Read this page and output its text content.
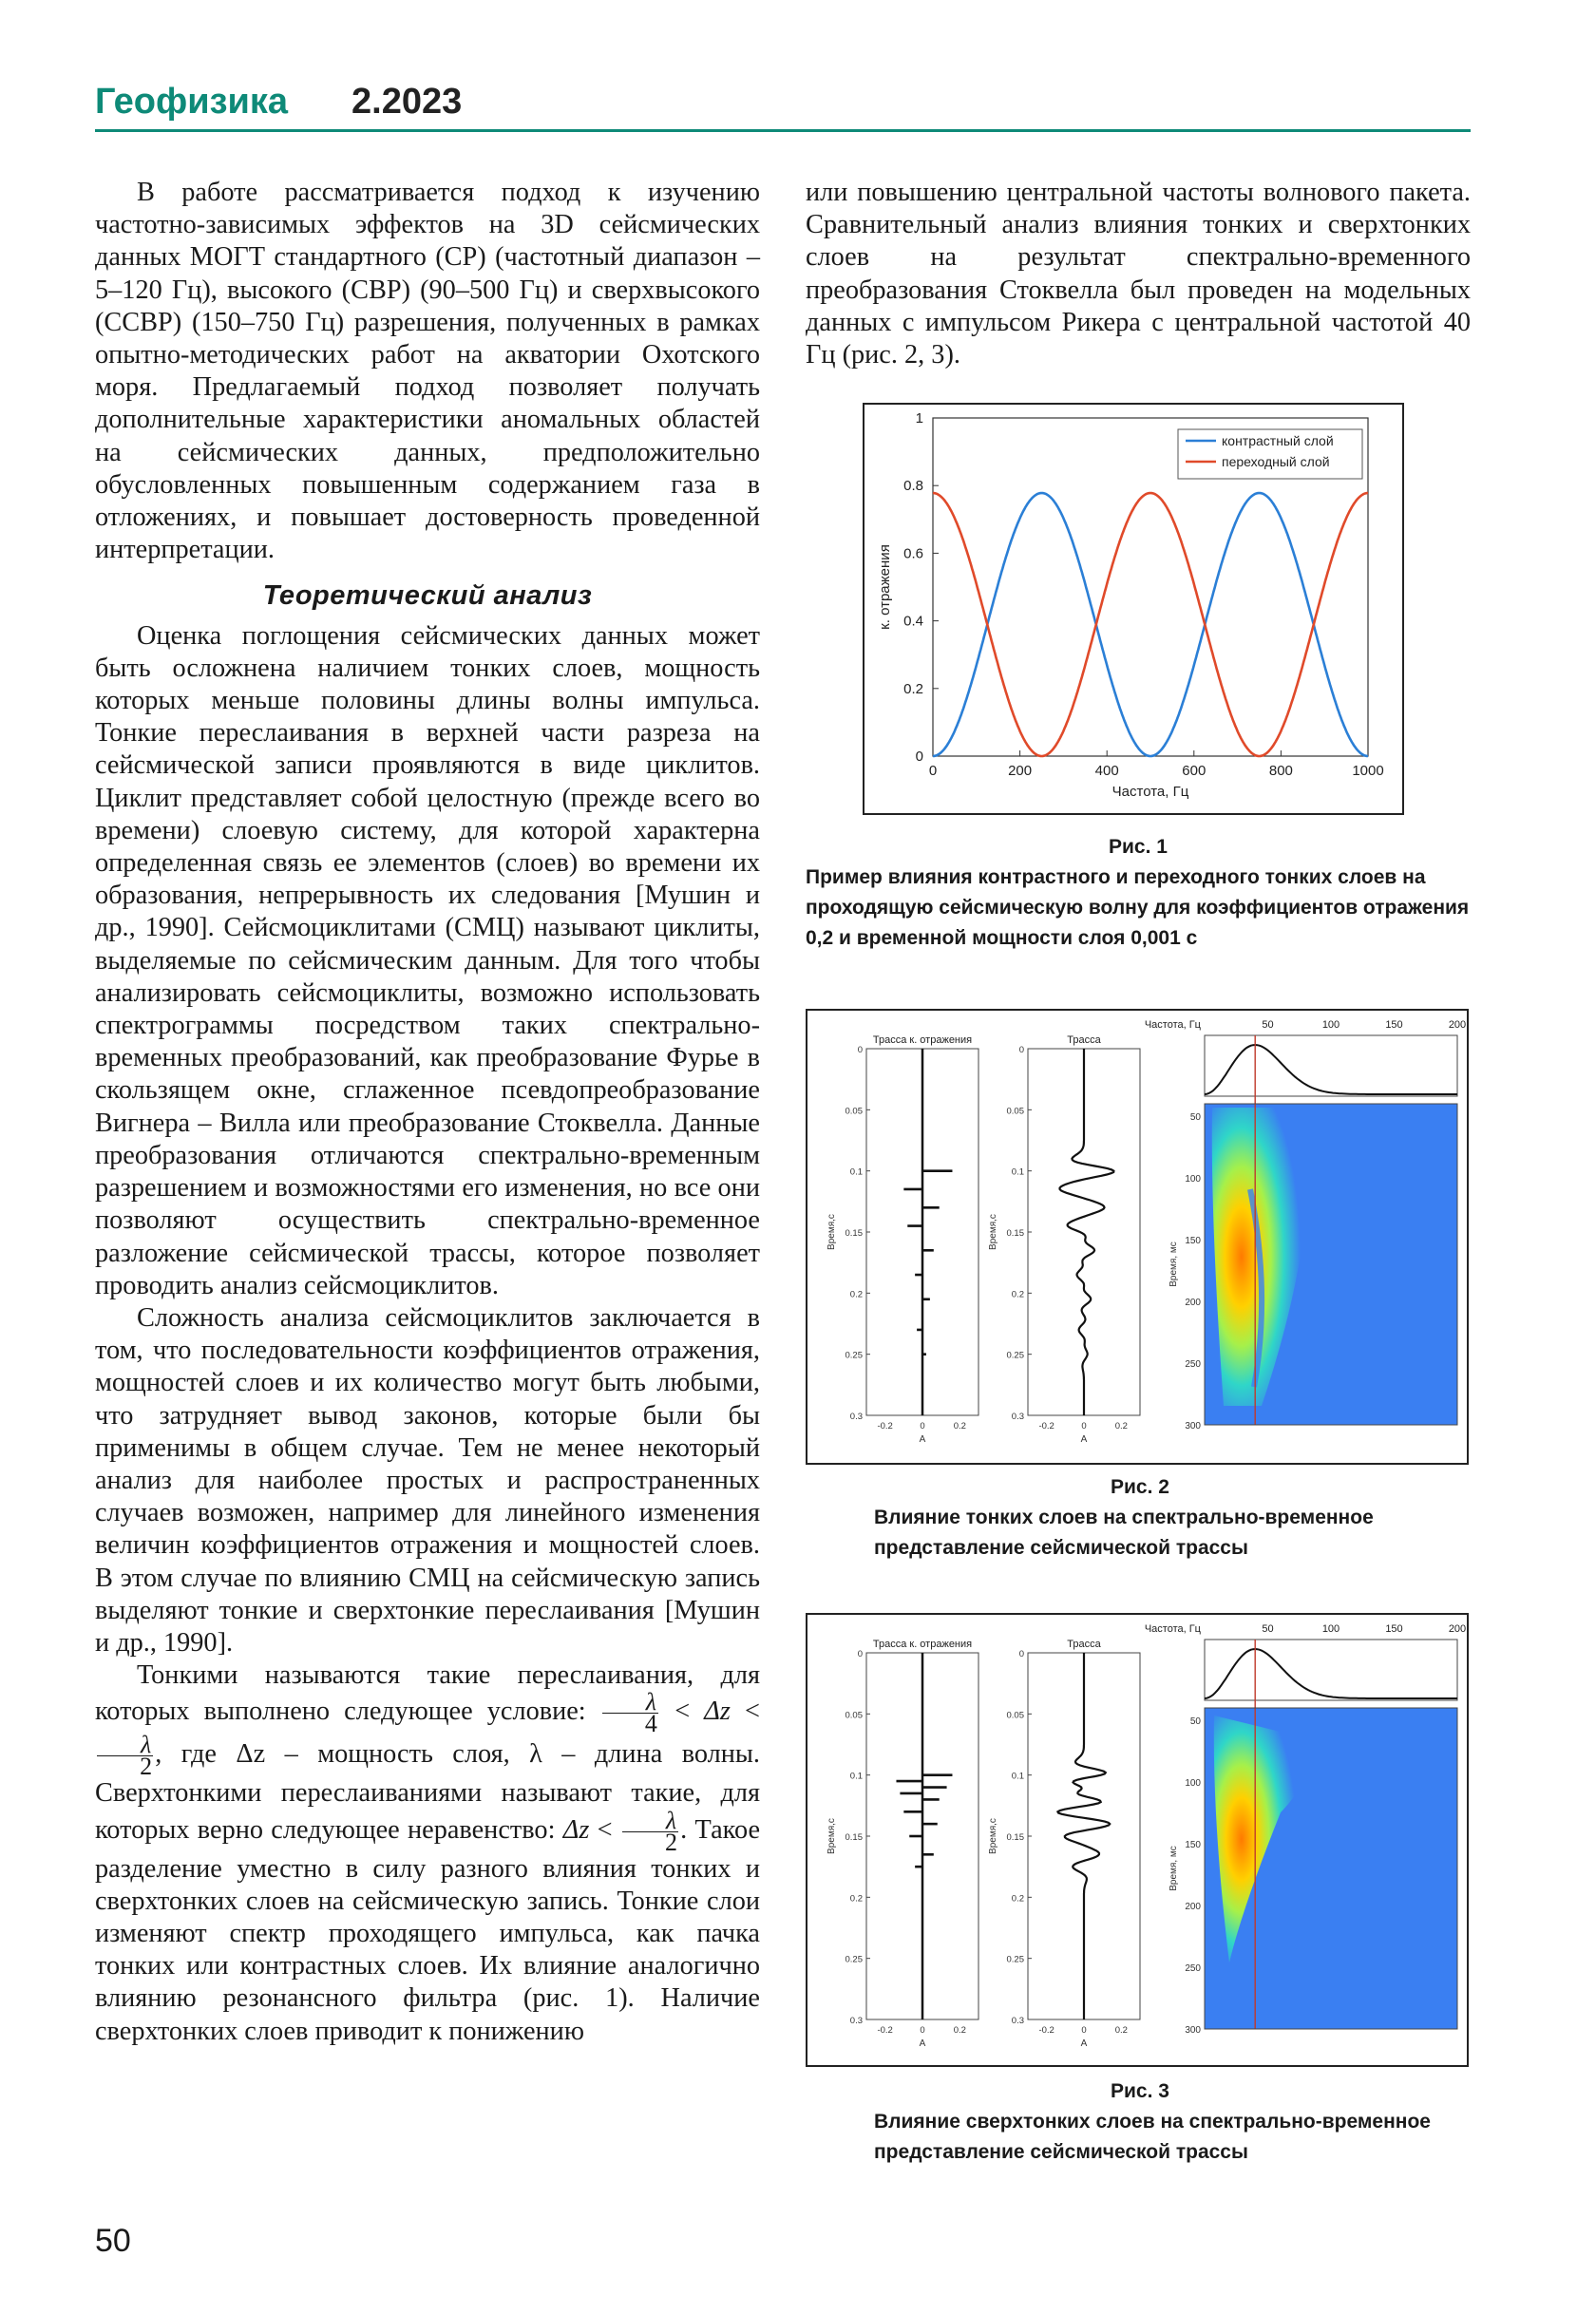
Геофизика 2.2023

В работе рассматривается подход к изучению частотно-зависимых эффектов на 3D сейсмических данных МОГТ стандартного (СР) (частотный диапазон – 5–120 Гц), высокого (СВР) (90–500 Гц) и сверхвысокого (ССВР) (150–750 Гц) разрешения, полученных в рамках опытно-методических работ на акватории Охотского моря. Предлагаемый подход позволяет получать дополнительные характеристики аномальных областей на сейсмических данных, предположительно обусловленных повышенным содержанием газа в отложениях, и повышает достоверность проведенной интерпретации.

Теоретический анализ

Оценка поглощения сейсмических данных может быть осложнена наличием тонких слоев, мощность которых меньше половины длины волны импульса. Тонкие переслаивания в верхней части разреза на сейсмической записи проявляются в виде циклитов. Циклит представляет собой целостную (прежде всего во времени) слоевую систему, для которой характерна определенная связь ее элементов (слоев) во времени их образования, непрерывность их следования [Мушин и др., 1990]. Сейсмоциклитами (СМЦ) называют циклиты, выделяемые по сейсмическим данным. Для того чтобы анализировать сейсмоциклиты, возможно использовать спектрограммы посредством таких спектрально-временных преобразований, как преобразование Фурье в скользящем окне, сглаженное псевдопреобразование Вигнера – Вилла или преобразование Стоквелла. Данные преобразования отличаются спектрально-временным разрешением и возможностями его изменения, но все они позволяют осуществить спектрально-временное разложение сейсмической трассы, которое позволяет проводить анализ сейсмоциклитов.

Сложность анализа сейсмоциклитов заключается в том, что последовательности коэффициентов отражения, мощностей слоев и их количество могут быть любыми, что затрудняет вывод законов, которые были бы применимы в общем случае. Тем не менее некоторый анализ для наиболее простых и распространенных случаев возможен, например для линейного изменения величин коэффициентов отражения и мощностей слоев. В этом случае по влиянию СМЦ на сейсмическую запись выделяют тонкие и сверхтонкие переслаивания [Мушин и др., 1990].

Тонкими называются такие переслаивания, для которых выполнено следующее условие: $\frac{\lambda}{4} < \Delta z$ <
$\frac{\lambda}{2}$ , где Δz – мощность слоя, λ – длина волны. Сверхтонкими переслаиваниями называют такие, для которых верно следующее неравенство: $\Delta z < \frac{\lambda}{2}$ . Такое разделение уместно в силу разного влияния тонких и сверхтонких слоев на сейсмическую запись. Тонкие слои изменяют спектр проходящего импульса, как пачка тонких или контрастных слоев. Их влияние аналогично влиянию резонансного фильтра (рис. 1). Наличие сверхтонких слоев приводит к понижению

или повышению центральной частоты волнового пакета. Сравнительный анализ влияния тонких и сверхтонких слоев на результат спектрально-временного преобразования Стоквелла был проведен на модельных данных с импульсом Рикера с центральной частотой 40 Гц (рис. 2, 3).

0	200	400	600	800	1000
0
0.2
0.4
0.6
0.8
1
Частота, Гц
к. отражения
контрастный слой
переходный слой
Рис. 1
Пример влияния контрастного и переходного тонких слоев на проходящую сейсмическую волну для коэффициентов отражения 0,2 и временной мощности слоя 0,001 с
Трасса к. отражения
0
0.05
0.1
0.15
0.2
0.25
0.3
-0.2	0	0.2
A
Время,с
Трасса
0
0.05
0.1
0.15
0.2
0.25
0.3
-0.2	0	0.2
A
Время,с
Частота, Гц	50	100	150	200
50
100
150
200
250
300
Время, мс
Рис. 2
Влияние тонких слоев на спектрально-временное представление сейсмической трассы
Трасса к. отражения
0
0.05
0.1
0.15
0.2
0.25
0.3
-0.2	0	0.2
A
Время,с
Трасса
0
0.05
0.1
0.15
0.2
0.25
0.3
-0.2	0	0.2
A
Время,с
Частота, Гц	50	100	150	200
50
100
150
200
250
300
Время, мс
Рис. 3
Влияние сверхтонких слоев на спектрально-временное представление сейсмической трассы
50
